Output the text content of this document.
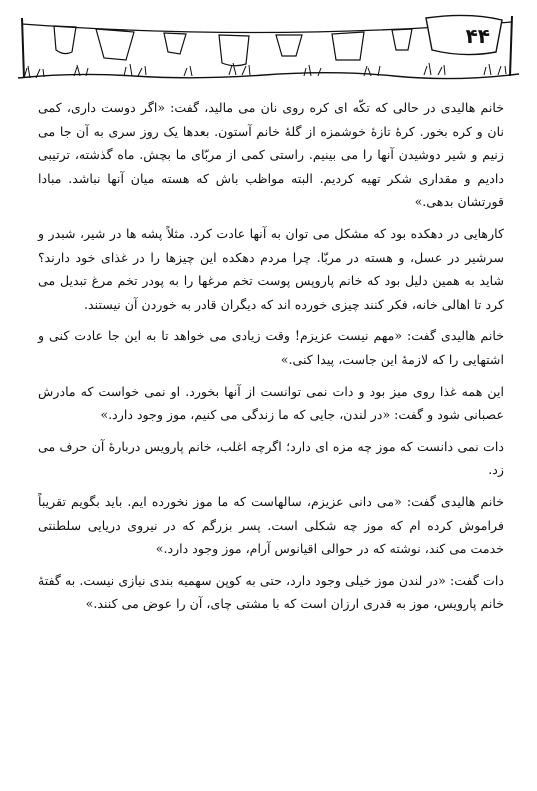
۴۴

خانم هالیدی در حالی که تکّه ای کره روی نان می مالید، گفت: «اگر دوست داری، کمی نان و کره بخور. کرهٔ تازهٔ خوشمزه از گلهٔ خانم آستون. بعدها یک روز سری به آن جا می زنیم و شیر دوشیدن آنها را می بینیم. راستی کمی از مربّای ما بچش. ماه گذشته، ترتیبی دادیم و مقداری شکر تهیه کردیم. البته مواظب باش که هسته میان آنها نباشد. مبادا قورتشان بدهی.»

کارهایی در دهکده بود که مشکل می توان به آنها عادت کرد. مثلاً پشه ها در شیر، شبدر و سرشیر در عسل، و هسته در مربّا. چرا مردم دهکده این چیزها را در غذای خود دارند؟ شاید به همین دلیل بود که خانم پاروپس پوست تخم مرغها را به پودر تخم مرغ تبدیل می کرد تا اهالی خانه، فکر کنند چیزی خورده اند که دیگران قادر به خوردن آن نیستند.

خانم هالیدی گفت: «مهم نیست عزیزم! وقت زیادی می خواهد تا به این جا عادت کنی و اشتهایی را که لازمهٔ این جاست، پیدا کنی.»

این همه غذا روی میز بود و دات نمی توانست از آنها بخورد. او نمی خواست که مادرش عصبانی شود و گفت: «در لندن، جایی که ما زندگی می کنیم، موز وجود دارد.»

دات نمی دانست که موز چه مزه ای دارد؛ اگرچه اغلب، خانم پارویس دربارهٔ آن حرف می زد.

خانم هالیدی گفت: «می دانی عزیزم، سالهاست که ما موز نخورده ایم. باید بگویم تقریباً فراموش کرده ام که موز چه شکلی است. پسر بزرگم که در نیروی دریایی سلطنتی خدمت می کند، نوشته که در حوالی اقیانوس آرام، موز وجود دارد.»

دات گفت: «در لندن موز خیلی وجود دارد، حتی به کوپن سهمیه بندی نیازی نیست. به گفتهٔ خانم پارویس، موز به قدری ارزان است که با مشتی چای، آن را عوض می کنند.»
